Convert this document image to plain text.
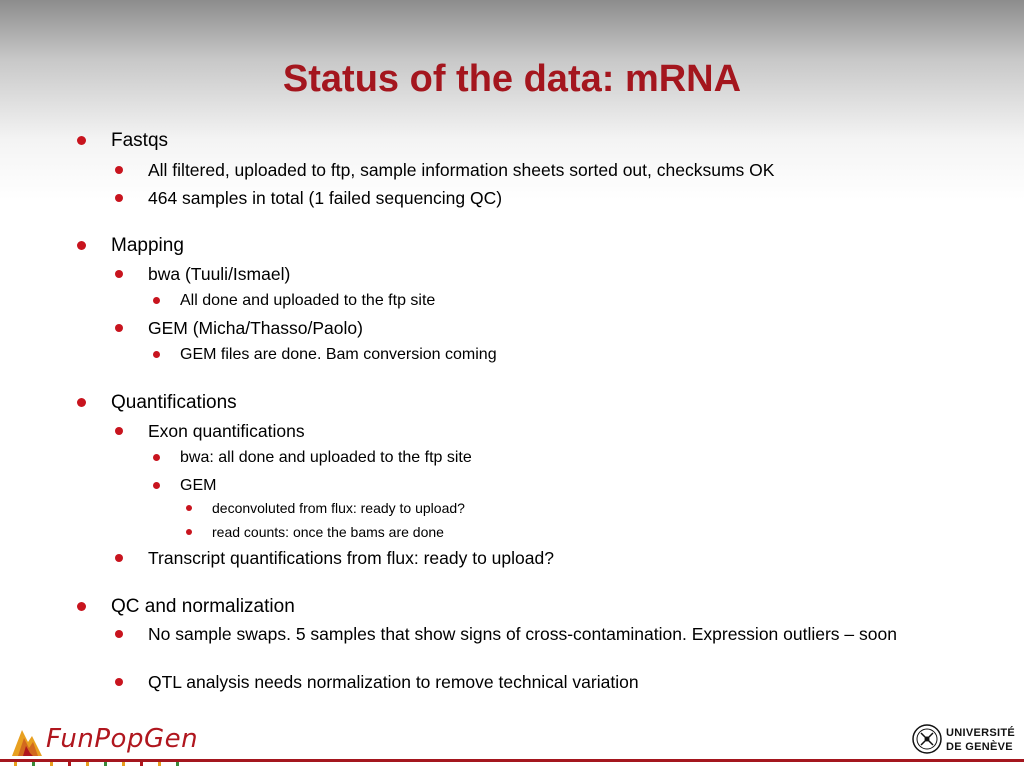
Status of the data: mRNA
Fastqs
All filtered, uploaded to ftp, sample information sheets sorted out, checksums OK
464 samples in total (1 failed sequencing QC)
Mapping
bwa (Tuuli/Ismael)
All done and uploaded to the ftp site
GEM (Micha/Thasso/Paolo)
GEM files are done. Bam conversion coming
Quantifications
Exon quantifications
bwa: all done and uploaded to the ftp site
GEM
deconvoluted from flux: ready to upload?
read counts: once the bams are done
Transcript quantifications from flux: ready to upload?
QC and normalization
No sample swaps. 5 samples that show signs of cross-contamination. Expression outliers – soon
QTL analysis needs normalization to remove technical variation
FunPopGen	UNIVERSITÉ
DE GENÈVE
